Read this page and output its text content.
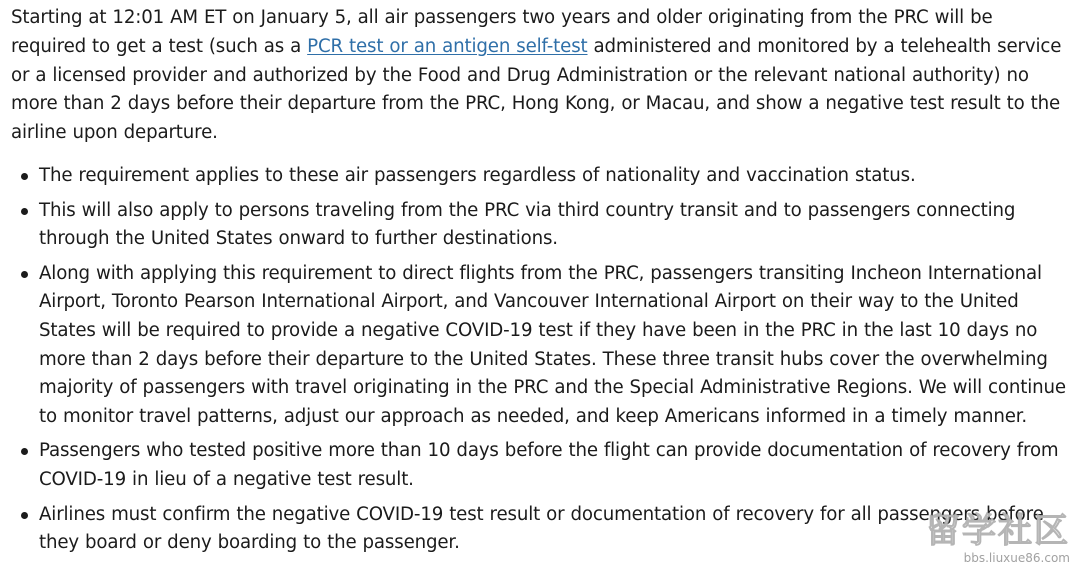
Starting at 12:01 AM ET on January 5, all air passengers two years and older originating from the PRC will be required to get a test (such as a PCR test or an antigen self-test administered and monitored by a telehealth service or a licensed provider and authorized by the Food and Drug Administration or the relevant national authority) no more than 2 days before their departure from the PRC, Hong Kong, or Macau, and show a negative test result to the airline upon departure.

The requirement applies to these air passengers regardless of nationality and vaccination status.
This will also apply to persons traveling from the PRC via third country transit and to passengers connecting through the United States onward to further destinations.
Along with applying this requirement to direct flights from the PRC, passengers transiting Incheon International Airport, Toronto Pearson International Airport, and Vancouver International Airport on their way to the United States will be required to provide a negative COVID-19 test if they have been in the PRC in the last 10 days no more than 2 days before their departure to the United States. These three transit hubs cover the overwhelming majority of passengers with travel originating in the PRC and the Special Administrative Regions. We will continue to monitor travel patterns, adjust our approach as needed, and keep Americans informed in a timely manner.
Passengers who tested positive more than 10 days before the flight can provide documentation of recovery from COVID-19 in lieu of a negative test result.
Airlines must confirm the negative COVID-19 test result or documentation of recovery for all passengers before they board or deny boarding to the passenger.	留学社区
bbs.liuxue86.com
